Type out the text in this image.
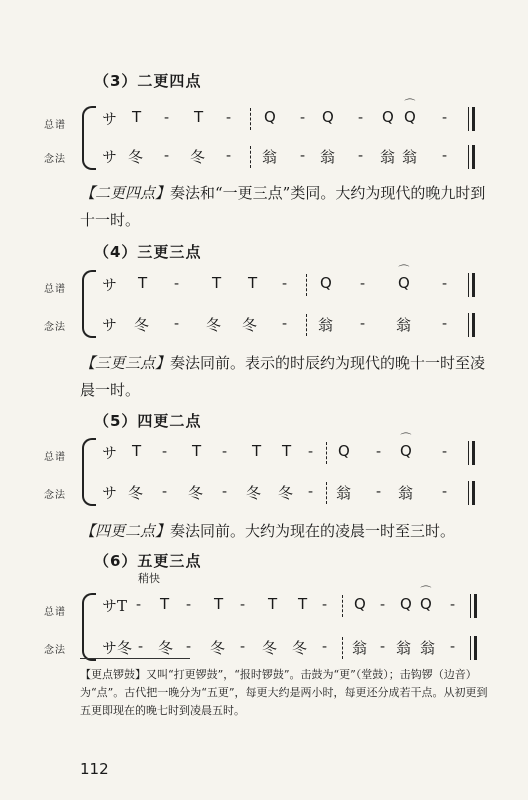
（3）二更四点
总谱
念法
サ T - T - Q - Q - Q
⌒
Q -
サ 冬 - 冬 - 翁 - 翁 - 翁 翁 -
【二更四点】奏法和“一更三点”类同。大约为现代的晚九时到十一时。
（4）三更三点
总谱
念法
サ T - T T - Q -
⌒
Q -
サ 冬 - 冬 冬 - 翁 - 翁 -
【三更三点】奏法同前。表示的时辰约为现代的晚十一时至凌晨一时。
（5）四更二点
总谱
念法
サ T - T - T T - Q -
⌒
Q -
サ 冬 - 冬 - 冬 冬 - 翁 - 翁 -
【四更二点】奏法同前。大约为现在的凌晨一时至三时。
（6）五更三点
稍快
总谱
念法
サT - T - T - T T - Q - Q
⌒
Q -
サ冬 - 冬 - 冬 - 冬 冬 - 翁 - 翁 翁 -
【更点锣鼓】又叫“打更锣鼓”，“报时锣鼓”。击鼓为“更”（堂鼓）；击钩锣（边音）为“点”。古代把一晚分为“五更”，每更大约是两小时，每更还分成若干点。从初更到五更即现在的晚七时到凌晨五时。
112
